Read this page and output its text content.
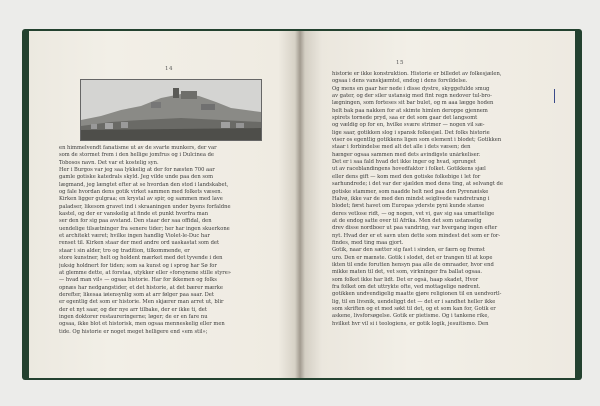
14
en himmelvendt fanatisme ut av de svarte munkers, der var
som de stormet frem i den hellige jomfrus og i Dulcinea de
Tobosos navn. Det var et kostelig syn.
Her i Burgos var jeg saa lykkelig at der for næsten 700 aar
gamle gotiske katedrals skyld. Jeg vilde unde paa den som
lægmand, jeg længtet efter at se hvordan den stod i landskabet,
og fale hvordan dens gotik virket sammen med folkets væsen.
Kirken ligger gulgraa; en krystal av spir, og sammen med lave
paladser, likesom gravet ind i skraaningen under byens forfaldne
kastel, og der er vanskelig at finde et punkt hvorfra man
ser den for sig paa avstand. Den staar der saa offidal, den
uendelige tilsætninger fra senere tider; her har ingen skuerkone
et architekt været; hvilke ingen handlig Violet-le-Duc har
renset til. Kirken staar der med andre ord uaskastat som det
staar i sin alder, tro og tradition, tilkommende, er
store kunstner, helt og holdent mærket med det tyvende i den
juksig holdnert for tiden; som sa kunst og i sprog har Sø for
at glemme dette, at forstaa, utykker eller «forsynene stille styre»
— hvad man vil» — ogsaa historie. Har for ikkemen og folks
opnæs har nedgangstider, et det historie, at det bærer mærke
derefter, likesaa iøiensynlig som at arr følger paa saar. Det
er egentlig det som er historie. Men skjærer man arret ut, blir
der et nyt saar, og der nye arr tilbake, der er ikke ti, det
ingen doktorer restaureringerne; løger; de er en fare nu
ogsaa, ikke blot et historisk, men ogsaa menneskelig eller men
tide. Og historie er noget meget helligere end «em stil»;
15
historie er ikke konstruktion. Historie er billedet av folkesjælen,
ogsaa i dens vanskjæmtel, endog i dens forvildelse.
Og mens en gaar her nede i disse dystre, skyggefulde smug
av gater, og der siler ustansig med fint regn nedover tul-bro-
lægningen, som forteses sit bar bulet, og m aaa lægge hoden
helt bak paa nakken for at skimte himlen deroppe gjennem
spirets tornede pryd, saa er det som gaar det langsomt
og vældig op for en, hvilke svære strimer — nogen vil sæ-
lige saar, gotikken slog i spansk folkesjæl. Det folks historie
viser os egentlig gotikkens ligen som element i blodet; Gotikken
staar i forbindelse med alt det alle i dets væsen; den
hænger ogsaa sammen med dets avindigste unårkeliser.
Det er i saa fald hvad det ikke inger og hvad, sprunget
ut av raceblandingens hovedfaktor i folket. Gotikkens sjæl
eller dens gift — kom med den gotiske folkebige i let for
sarhundrede; i det var der sjælden med dens ting, at selvangt de
gotiske stammer, som naadde helt ned paa den Pyrenæiske
Halvø, ikke var de med den mindst seiglivede vandretrang i
blodet; først havet om Europas yderste pyni kunde stanse
deres vetlose ridt, — og nogen, vet vi, gav sig saa umættelige
at de endog satte over til Afrika. Men det som ustanselig
drev disse nordboer ut paa vandring, var hvergang ingen efter
nyt. Hvad der er et savn uten dette som mindest det som er for-
findes, med ting maa gjort.
Gotik, naar den sætter sig fast i sinden, er færn og fremst
uro. Den er mænste. Gotik i slodet, det er trangen til at kope
ikten til ende forutten hensyn paa alle de omraader, hvor end
mikke maten til det, vet som, virkninger fra ballat ogsaa.
som folket ikke har lidt. Det er også, haap skadet, Hvor
fra folket om det uttrykte ofte, ved mottagelige nødrent.
gotikken undvendigelig maatte gjøre religionen til en uendvortl-
lig, til en livsnik, uendeliggt det — det er i sandhet heller ikke
som skriften og et med søkt til det, og et som kan for, Gotik er
askene, livsforsøgelse. Gotik er pietisme. Og i tankene rike,
hvilket hvr vil si i teologiens, er gotik logik, jesuitismo. Den
